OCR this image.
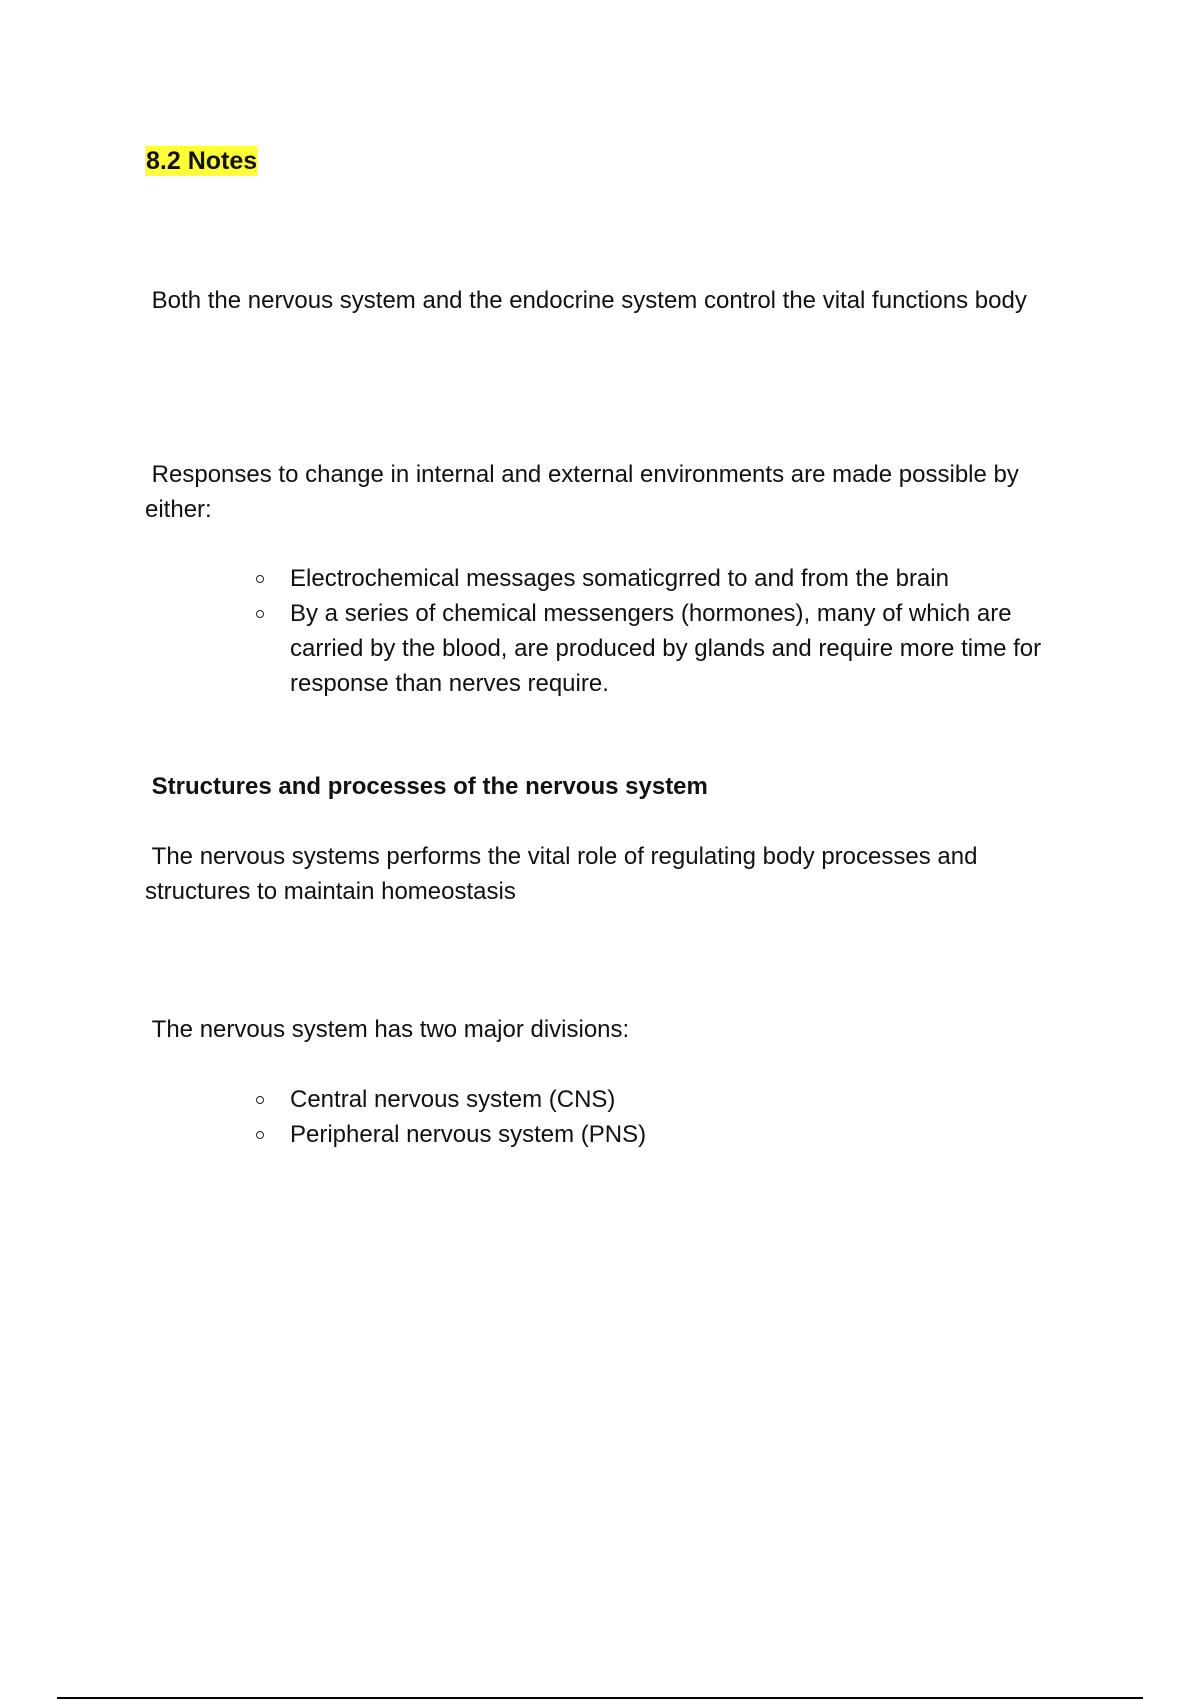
8.2 Notes

Both the nervous system and the endocrine system control the vital functions body

Responses to change in internal and external environments are made possible by either:

Electrochemical messages somaticgrred to and from the brain
By a series of chemical messengers (hormones), many of which are carried by the blood, are produced by glands and require more time for response than nerves require.
Structures and processes of the nervous system

The nervous systems performs the vital role of regulating body processes and structures to maintain homeostasis

The nervous system has two major divisions:

Central nervous system (CNS)
Peripheral nervous system (PNS)
